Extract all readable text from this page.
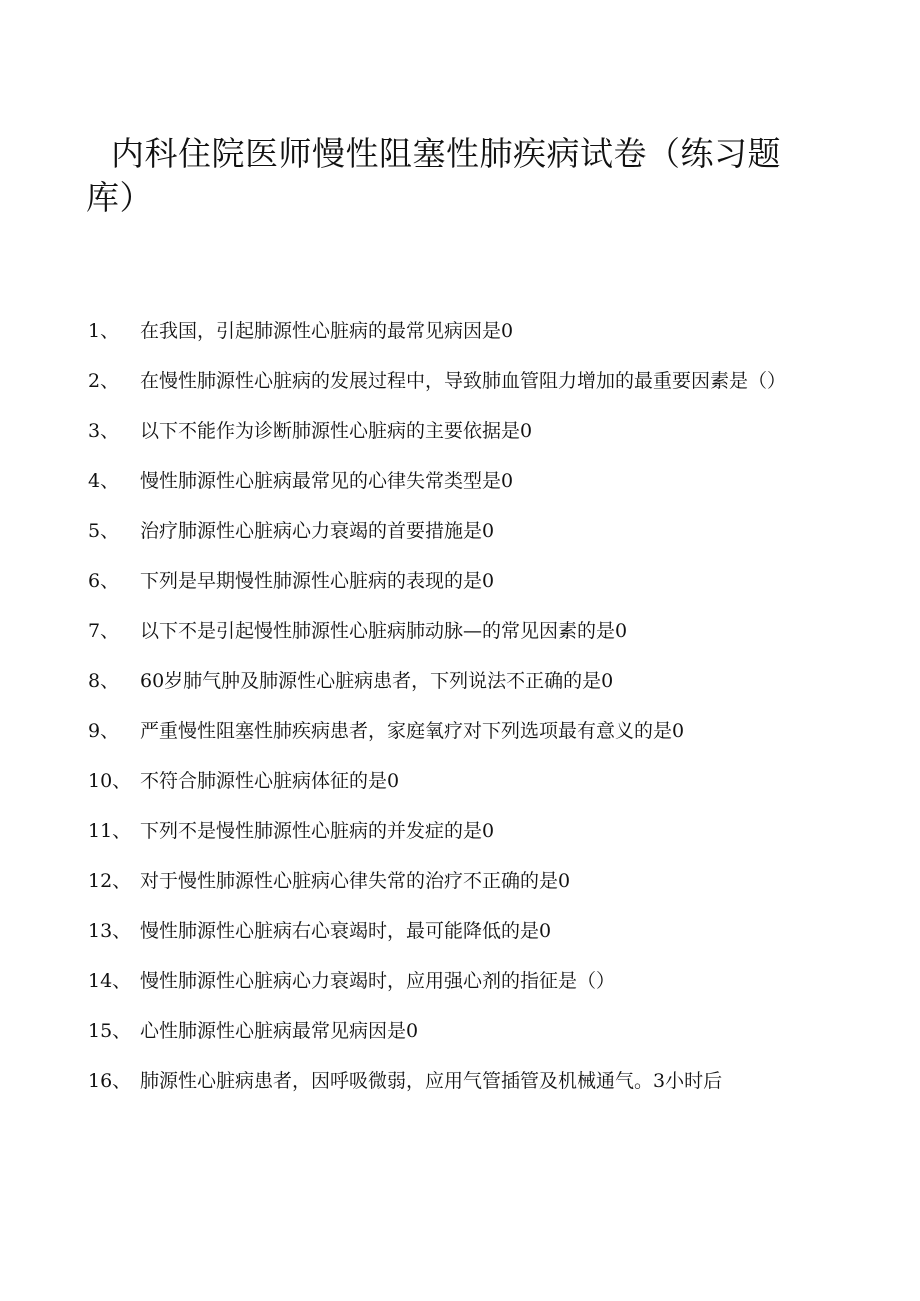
内科住院医师慢性阻塞性肺疾病试卷（练习题库）
1、 在我国，引起肺源性心脏病的最常见病因是0
2、 在慢性肺源性心脏病的发展过程中，导致肺血管阻力增加的最重要因素是（）
3、 以下不能作为诊断肺源性心脏病的主要依据是0
4、 慢性肺源性心脏病最常见的心律失常类型是0
5、 治疗肺源性心脏病心力衰竭的首要措施是0
6、 下列是早期慢性肺源性心脏病的表现的是0
7、 以下不是引起慢性肺源性心脏病肺动脉—的常见因素的是0
8、 60岁肺气肿及肺源性心脏病患者，下列说法不正确的是0
9、 严重慢性阻塞性肺疾病患者，家庭氧疗对下列选项最有意义的是0
10、 不符合肺源性心脏病体征的是0
11、 下列不是慢性肺源性心脏病的并发症的是0
12、 对于慢性肺源性心脏病心律失常的治疗不正确的是0
13、 慢性肺源性心脏病右心衰竭时，最可能降低的是0
14、 慢性肺源性心脏病心力衰竭时，应用强心剂的指征是（）
15、 心性肺源性心脏病最常见病因是0
16、 肺源性心脏病患者，因呼吸微弱，应用气管插管及机械通气。3小时后
